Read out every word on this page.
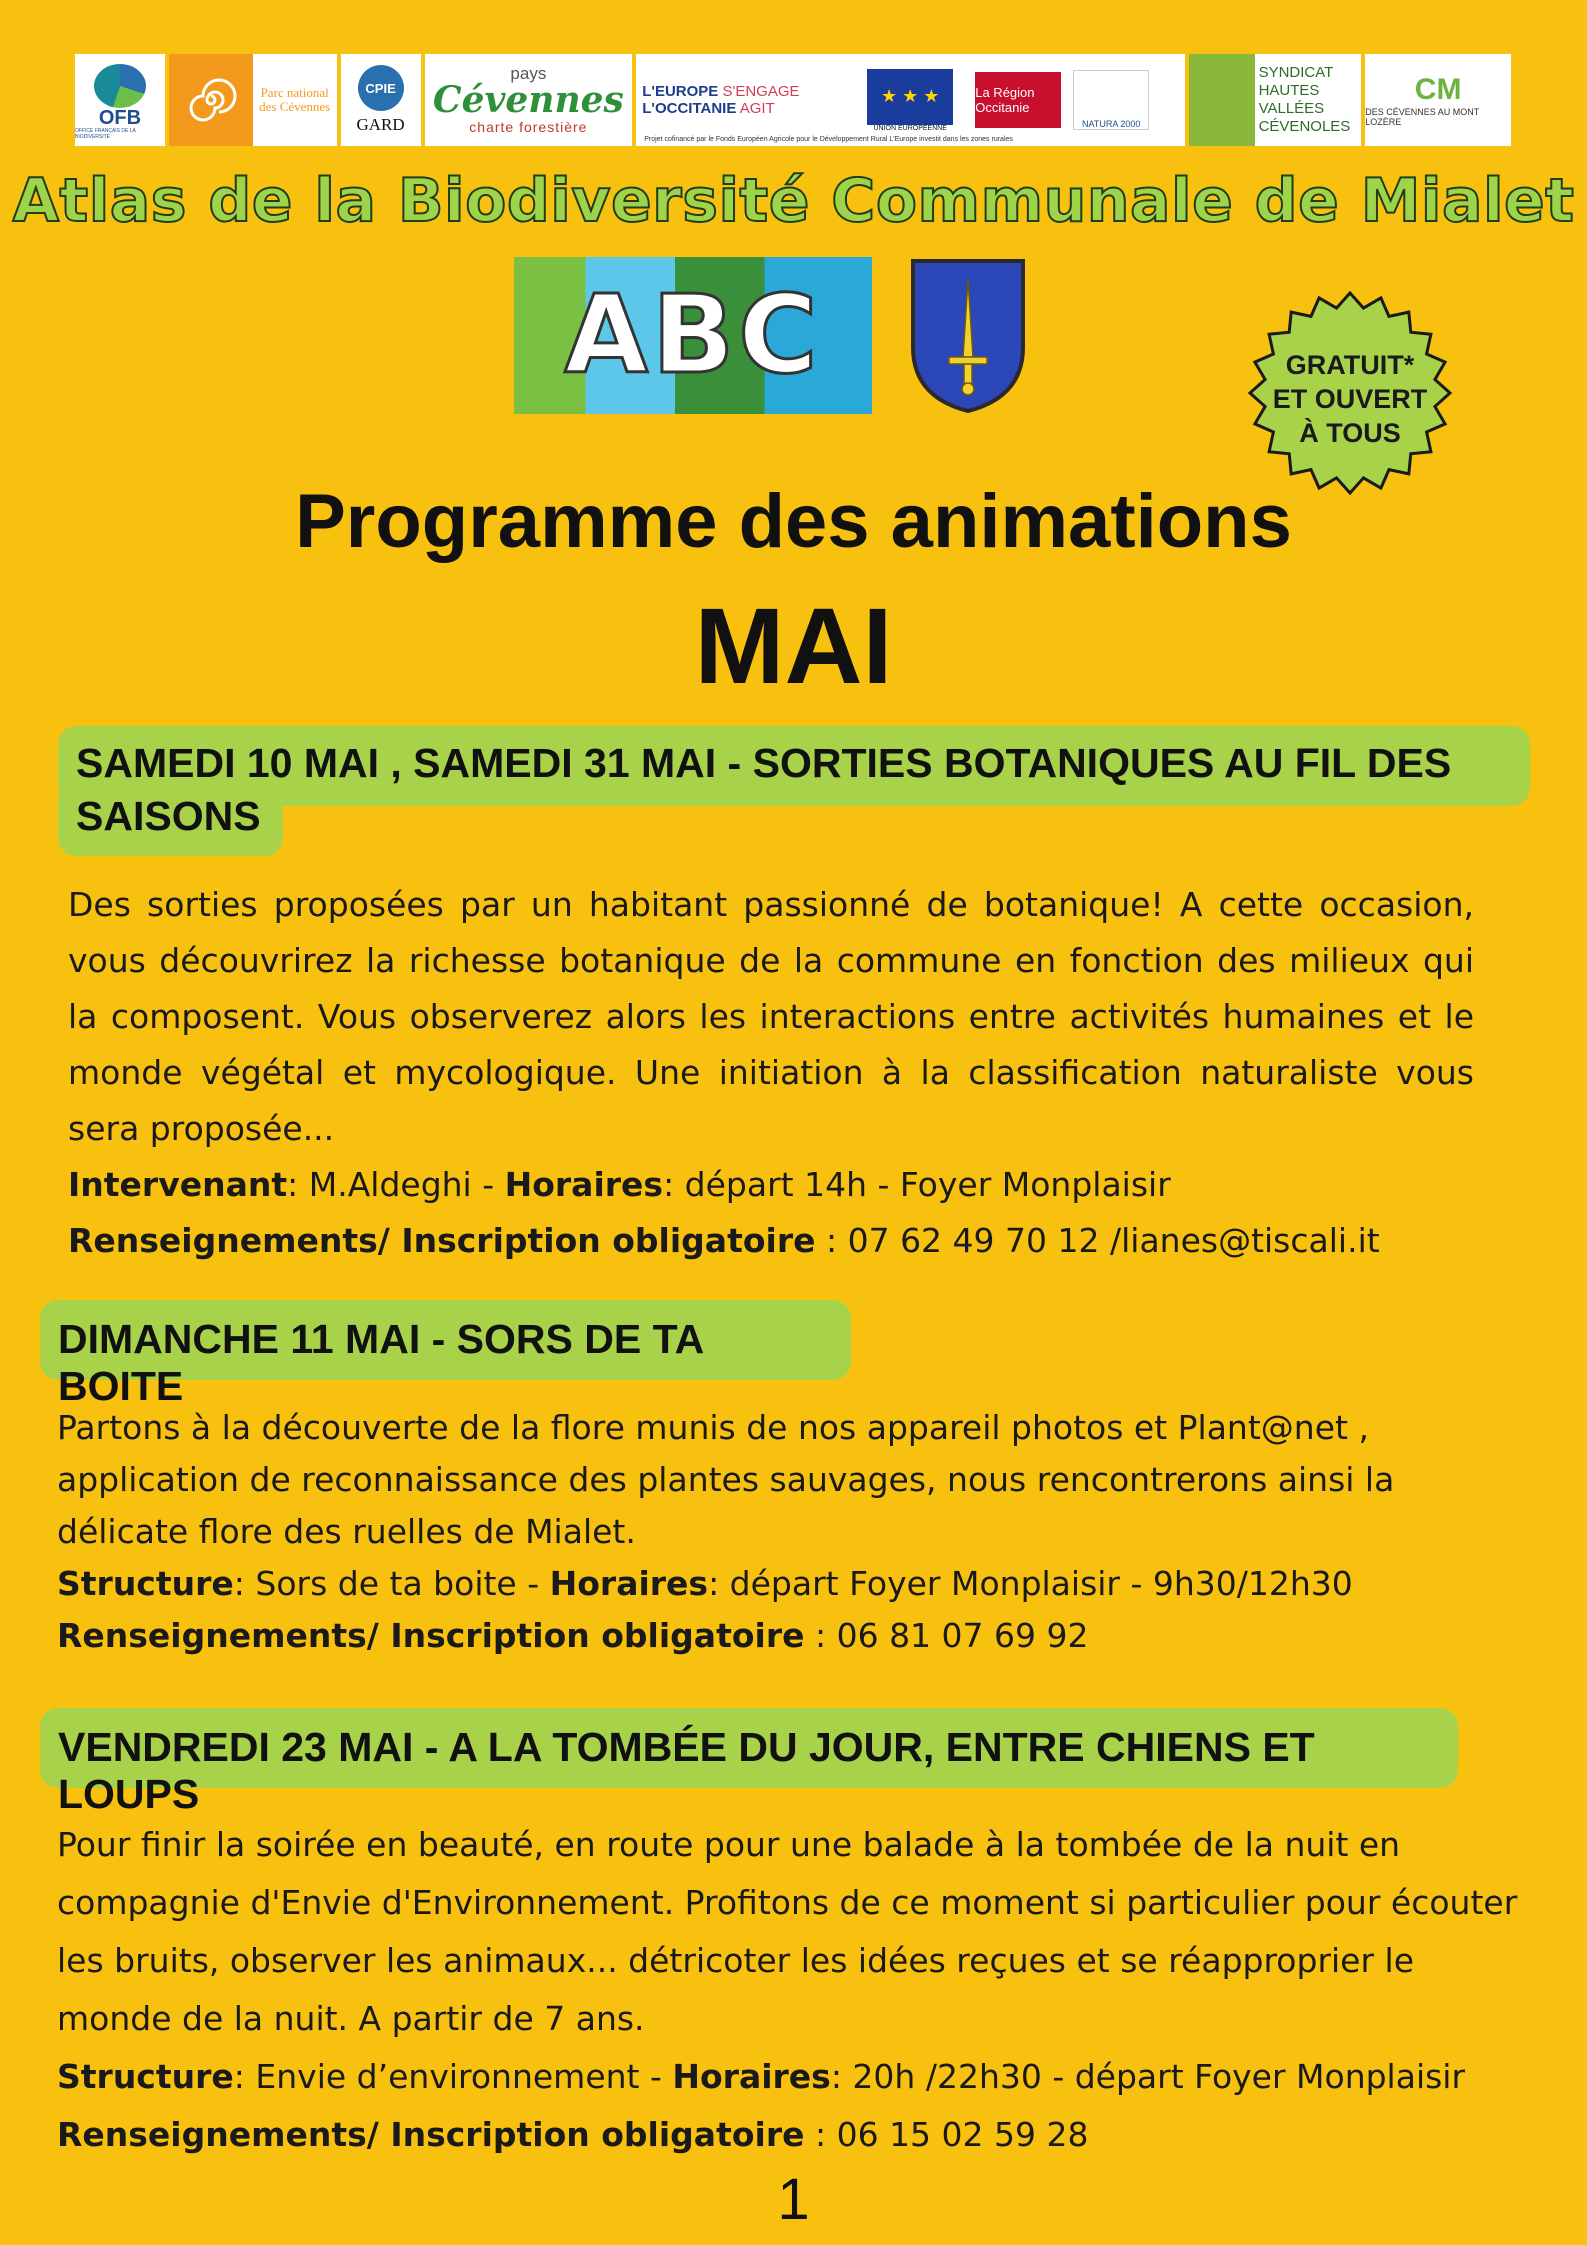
OFB
OFFICE FRANÇAIS DE LA BIODIVERSITÉ
Parc national des Cévennes
CPIE
GARD
pays
Cévennes
charte forestière
L'EUROPE S'ENGAGE
L'OCCITANIE AGIT
★ ★ ★
UNION EUROPÉENNE
La Région Occitanie
NATURA 2000
Projet cofinancé par le Fonds Européen Agricole pour le Développement Rural L'Europe investit dans les zones rurales
SYNDICAT HAUTES VALLÉES CÉVENOLES
CM
DES CÉVENNES AU MONT LOZÈRE
Atlas de la Biodiversité Communale de Mialet
ABC	GRATUIT*
ET OUVERT
À TOUS
Programme des animations
MAI
SAMEDI 10 MAI , SAMEDI 31 MAI - SORTIES BOTANIQUES AU FIL DES
SAISONS

Des sorties proposées par un habitant passionné de botanique! A cette occasion, vous découvrirez la richesse botanique de la commune en fonction des milieux qui la composent. Vous observerez alors les interactions entre activités humaines et le monde végétal et mycologique. Une initiation à la classification naturaliste vous sera proposée...

Intervenant: M.Aldeghi - Horaires: départ 14h - Foyer Monplaisir

Renseignements/ Inscription obligatoire : 07 62 49 70 12 /lianes@tiscali.it

DIMANCHE 11 MAI - SORS DE TA BOITE

Partons à la découverte de la flore munis de nos appareil photos et Plant@net , application de reconnaissance des plantes sauvages, nous rencontrerons ainsi la délicate flore des ruelles de Mialet.

Structure: Sors de ta boite - Horaires: départ Foyer Monplaisir - 9h30/12h30

Renseignements/ Inscription obligatoire : 06 81 07 69 92

VENDREDI 23 MAI - A LA TOMBÉE DU JOUR, ENTRE CHIENS ET LOUPS

Pour finir la soirée en beauté, en route pour une balade à la tombée de la nuit en compagnie d'Envie d'Environnement. Profitons de ce moment si particulier pour écouter les bruits, observer les animaux... détricoter les idées reçues et se réapproprier le monde de la nuit. A partir de 7 ans.

Structure: Envie d’environnement - Horaires: 20h /22h30 - départ Foyer Monplaisir

Renseignements/ Inscription obligatoire : 06 15 02 59 28

1
